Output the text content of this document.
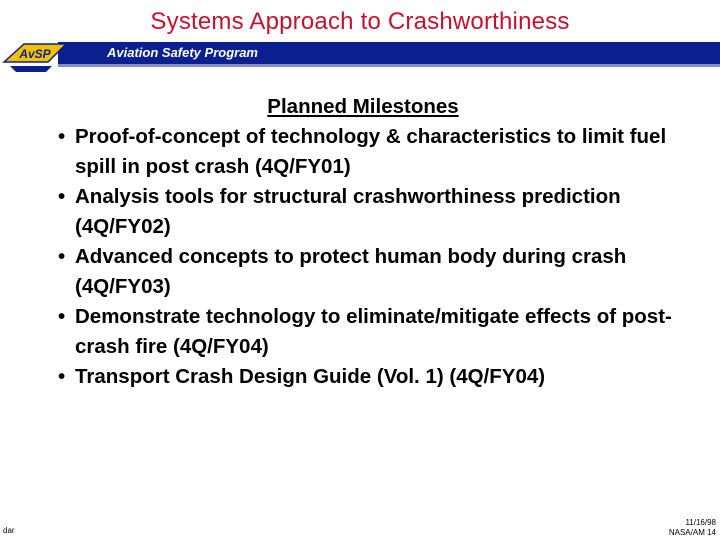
Systems Approach to Crashworthiness
Aviation Safety Program
AvSP
Planned Milestones
• Proof-of-concept of technology & characteristics to limit fuel spill in post crash (4Q/FY01)
• Analysis tools for structural crashworthiness prediction (4Q/FY02)
• Advanced concepts to protect human body during crash (4Q/FY03)
• Demonstrate technology to eliminate/mitigate effects of post-crash fire (4Q/FY04)
• Transport Crash Design Guide (Vol. 1) (4Q/FY04)
dar
11/16/98
NASA/AM 14
